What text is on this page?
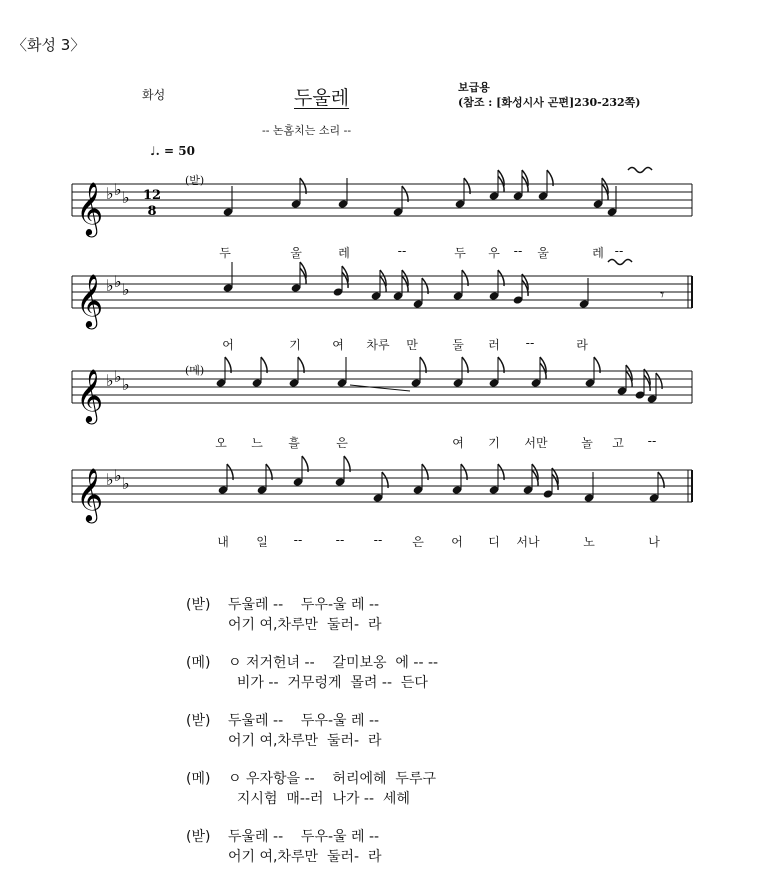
〈화성 3〉
화성	두울레
-- 논홈치는 소리 --
보급용
(참조 : [화성시사 곤편]230-232쪽)
♩. = 50
(받)
(메)
𝄞 ♭ ♭ ♭
𝄞 ♭ ♭ ♭
𝄞 ♭ ♭ ♭
𝄞 ♭ ♭ ♭
12
8
𝄾
두	울	레	--	두 우 -- 울	레 --
어	기	여 차루 만	둘 러 --	라
오 느 흘	은	여 기 서만	놀 고 --
내 일 --	-- -- 은 어 디 서나	노	나
(받) 두울레 --    두우-울 레 --
어기 여,차루만  둘러-  라
(메) ㅇ 저거헌녀 --    갈미보옹  에 -- --
비가 --  거무렁게  몰려 --  든다
(받) 두울레 --    두우-울 레 --
어기 여,차루만  둘러-  라
(메) ㅇ 우자항을 --    허리에헤  두루구
지시험  매--러  나가 --  세헤
(받) 두울레 --    두우-울 레 --
어기 여,차루만  둘러-  라
